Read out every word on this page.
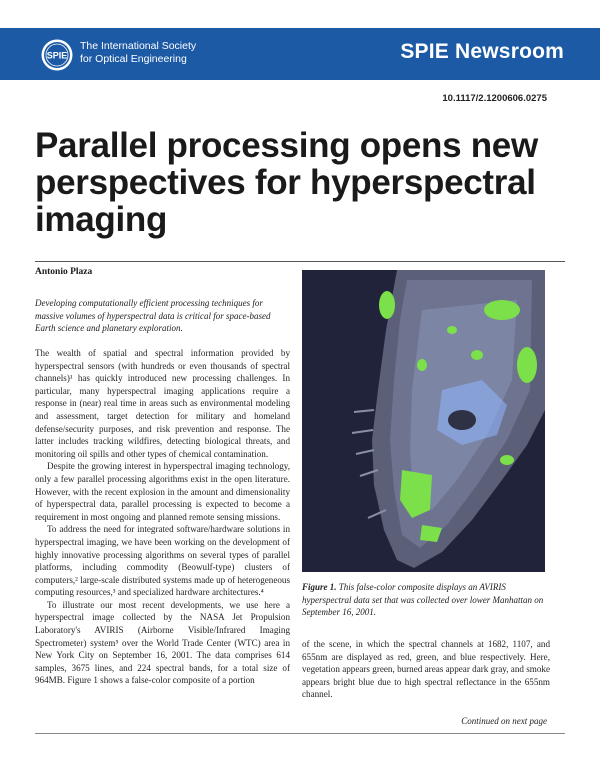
SPIE
The International Society
for Optical Engineering	SPIE Newsroom
10.1117/2.1200606.0275
Parallel processing opens new
perspectives for hyperspectral
imaging
Antonio Plaza
Developing computationally efficient processing techniques for massive volumes of hyperspectral data is critical for space-based Earth science and planetary exploration.

The wealth of spatial and spectral information provided by hyperspectral sensors (with hundreds or even thousands of spectral channels)¹ has quickly introduced new processing challenges. In particular, many hyperspectral imaging applications require a response in (near) real time in areas such as environmental modeling and assessment, target detection for military and homeland defense/security purposes, and risk prevention and response. The latter includes tracking wildfires, detecting biological threats, and monitoring oil spills and other types of chemical contamination.

Despite the growing interest in hyperspectral imaging technology, only a few parallel processing algorithms exist in the open literature. However, with the recent explosion in the amount and dimensionality of hyperspectral data, parallel processing is expected to become a requirement in most ongoing and planned remote sensing missions.

To address the need for integrated software/hardware solutions in hyperspectral imaging, we have been working on the development of highly innovative processing algorithms on several types of parallel platforms, including commodity (Beowulf-type) clusters of computers,² large-scale distributed systems made up of heterogeneous computing resources,³ and specialized hardware architectures.⁴

To illustrate our most recent developments, we use here a hyperspectral image collected by the NASA Jet Propulsion Laboratory's AVIRIS (Airborne Visible/Infrared Imaging Spectrometer) system⁵ over the World Trade Center (WTC) area in New York City on September 16, 2001. The data comprises 614 samples, 3675 lines, and 224 spectral bands, for a total size of 964MB. Figure 1 shows a false-color composite of a portion

Figure 1. This false-color composite displays an AVIRIS hyperspectral data set that was collected over lower Manhattan on September 16, 2001.

of the scene, in which the spectral channels at 1682, 1107, and 655nm are displayed as red, green, and blue respectively. Here, vegetation appears green, burned areas appear dark gray, and smoke appears bright blue due to high spectral reflectance in the 655nm channel.

Continued on next page
